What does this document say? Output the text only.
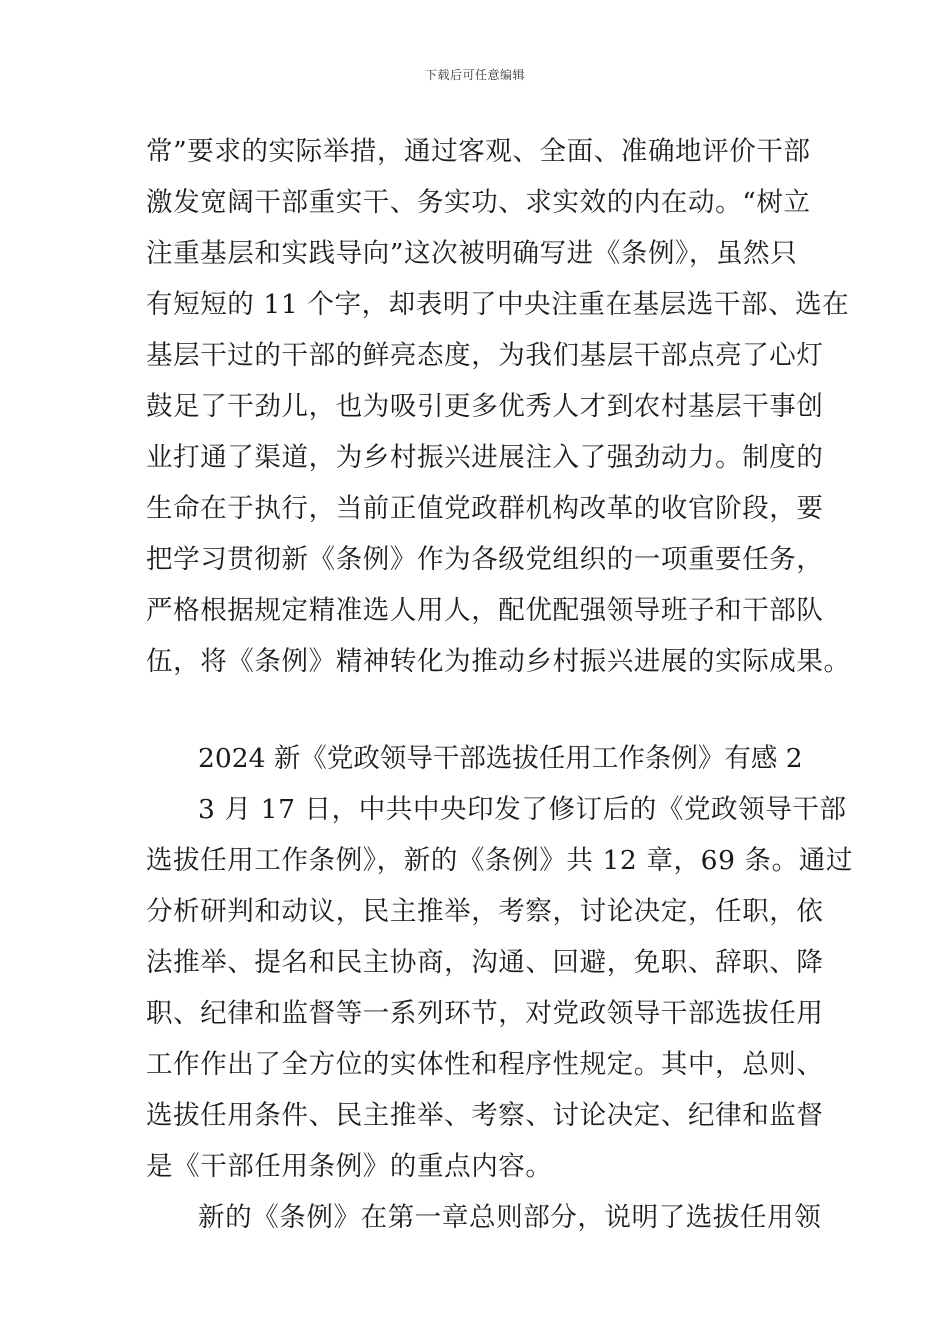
下载后可任意编辑
常”要求的实际举措，通过客观、全面、准确地评价干部
激发宽阔干部重实干、务实功、求实效的内在动。“树立
注重基层和实践导向”这次被明确写进《条例》，虽然只
有短短的 11 个字，却表明了中央注重在基层选干部、选在
基层干过的干部的鲜亮态度，为我们基层干部点亮了心灯
鼓足了干劲儿，也为吸引更多优秀人才到农村基层干事创
业打通了渠道，为乡村振兴进展注入了强劲动力。制度的
生命在于执行，当前正值党政群机构改革的收官阶段，要
把学习贯彻新《条例》作为各级党组织的一项重要任务，
严格根据规定精准选人用人，配优配强领导班子和干部队
伍，将《条例》精神转化为推动乡村振兴进展的实际成果。
2024 新《党政领导干部选拔任用工作条例》有感 2
3 月 17 日，中共中央印发了修订后的《党政领导干部
选拔任用工作条例》，新的《条例》共 12 章，69 条。通过
分析研判和动议，民主推举，考察，讨论决定，任职，依
法推举、提名和民主协商，沟通、回避，免职、辞职、降
职、纪律和监督等一系列环节，对党政领导干部选拔任用
工作作出了全方位的实体性和程序性规定。其中，总则、
选拔任用条件、民主推举、考察、讨论决定、纪律和监督
是《干部任用条例》的重点内容。
新的《条例》在第一章总则部分，说明了选拔任用领
